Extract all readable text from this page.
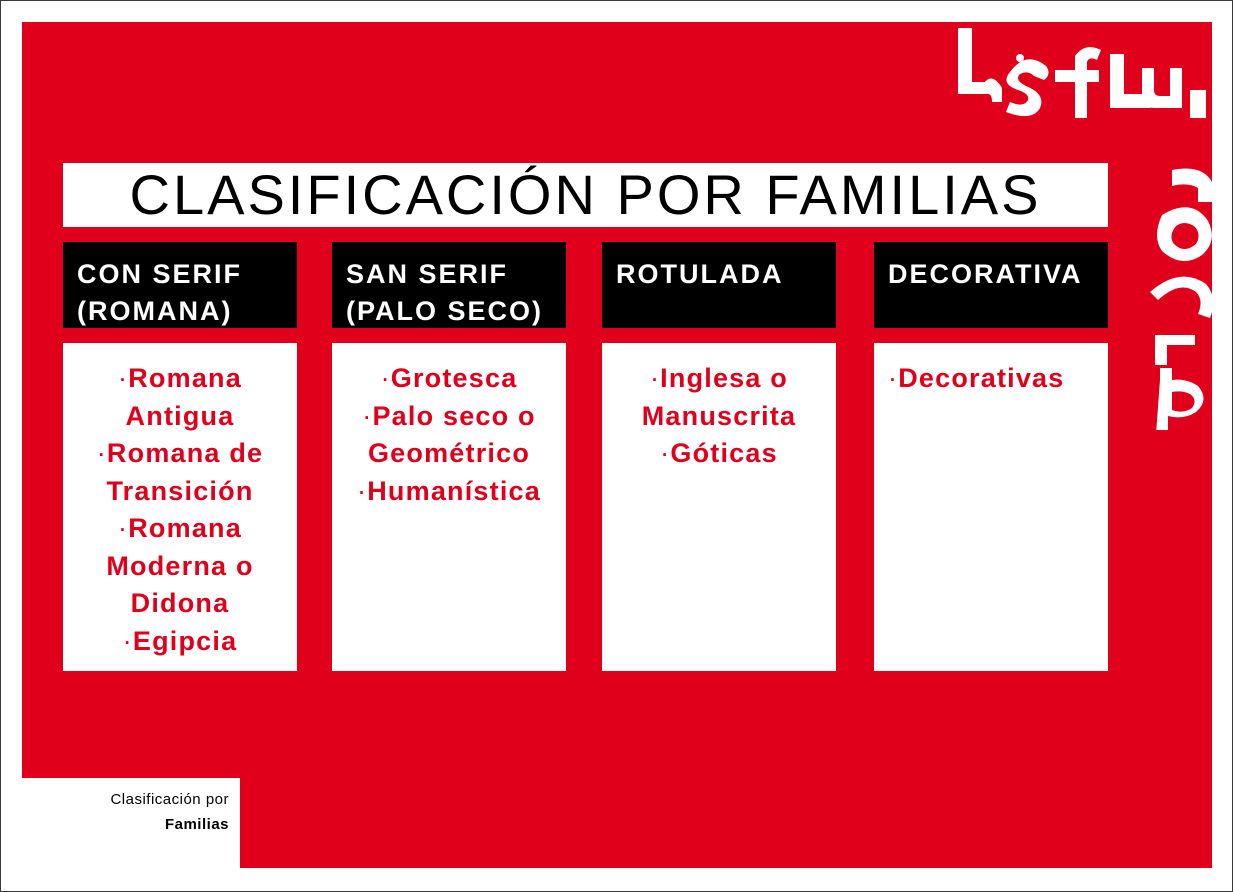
CLASIFICACIÓN POR FAMILIAS
CON SERIF
(ROMANA)
SAN SERIF
(PALO SECO)
ROTULADA	DECORATIVA
· Romana Antigua
· Romana de Transición
· Romana Moderna o Didona
· Egipcia
· Grotesca
· Palo seco o Geométrico
· Humanística
· Inglesa o Manuscrita
· Góticas
· Decorativas
Clasificación por
Familias
